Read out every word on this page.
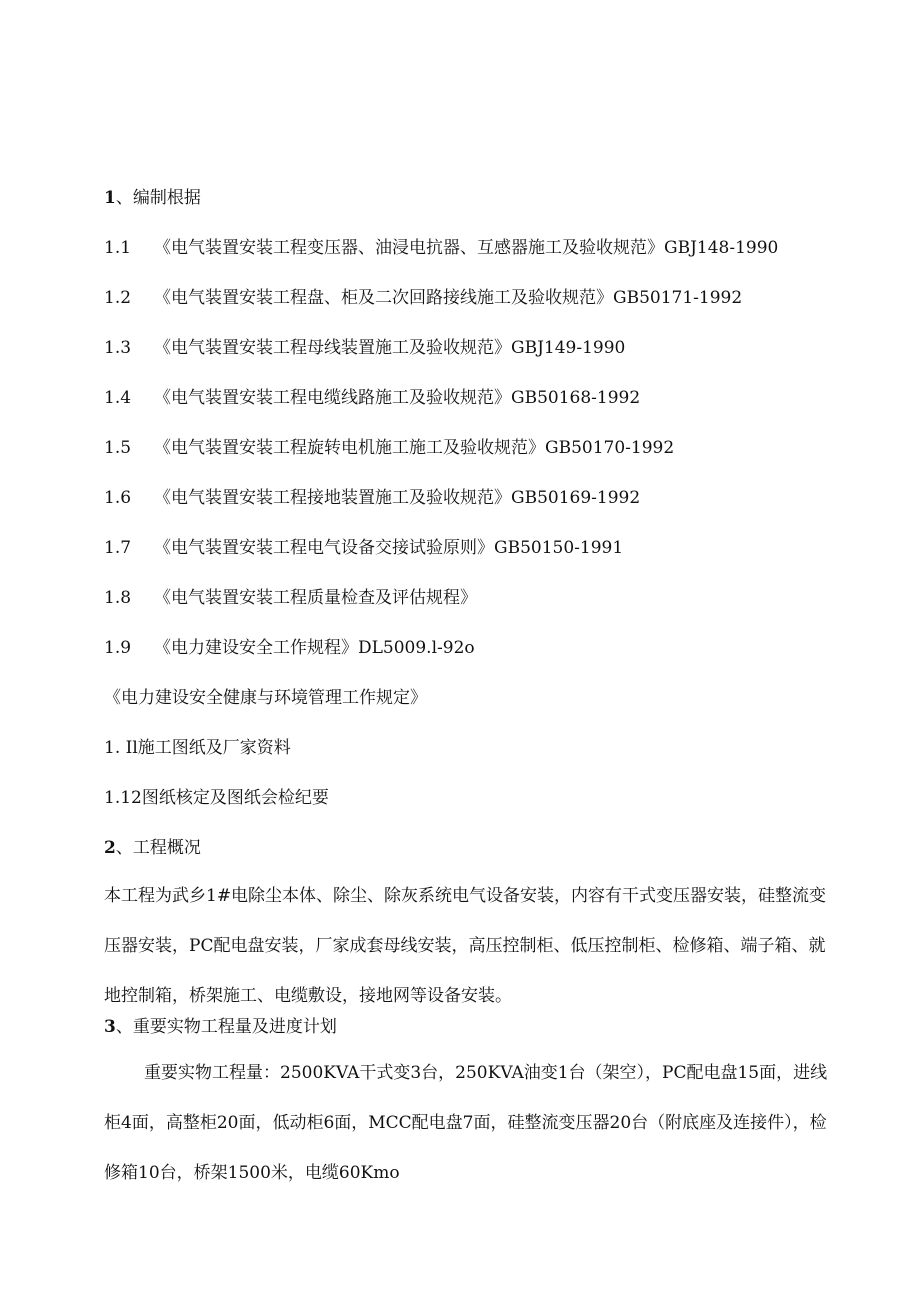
1、编制根据
1.1 《电气装置安装工程变压器、油浸电抗器、互感器施工及验收规范》GBJ148-1990
1.2 《电气装置安装工程盘、柜及二次回路接线施工及验收规范》GB50171-1992
1.3 《电气装置安装工程母线装置施工及验收规范》GBJ149-1990
1.4 《电气装置安装工程电缆线路施工及验收规范》GB50168-1992
1.5 《电气装置安装工程旋转电机施工施工及验收规范》GB50170-1992
1.6 《电气装置安装工程接地装置施工及验收规范》GB50169-1992
1.7 《电气装置安装工程电气设备交接试验原则》GB50150-1991
1.8 《电气装置安装工程质量检查及评估规程》
1.9 《电力建设安全工作规程》DL5009.l-92o
《电力建设安全健康与环境管理工作规定》
1. Il施工图纸及厂家资料
1.12图纸核定及图纸会检纪要
2、工程概况
本工程为武乡1#电除尘本体、除尘、除灰系统电气设备安装，内容有干式变压器安装，硅整流变压器安装，PC配电盘安装，厂家成套母线安装，高压控制柜、低压控制柜、检修箱、端子箱、就地控制箱，桥架施工、电缆敷设，接地网等设备安装。
3、重要实物工程量及进度计划
重要实物工程量：2500KVA干式变3台，250KVA油变1台（架空），PC配电盘15面，进线柜4面，高整柜20面，低动柜6面，MCC配电盘7面，硅整流变压器20台（附底座及连接件），检修箱10台，桥架1500米，电缆60Kmo
